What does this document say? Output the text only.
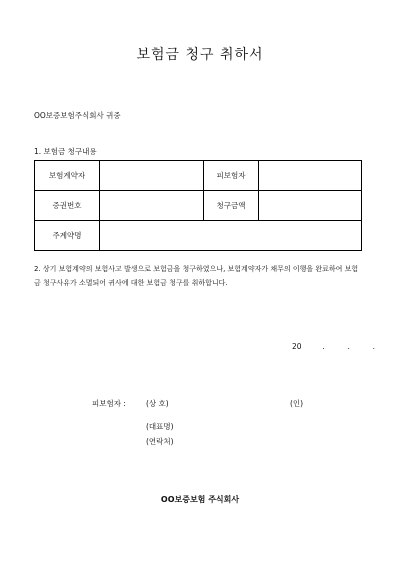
보험금 청구 취하서
OO보증보험주식회사 귀중
1. 보험금 청구내용
보험계약자		피보험자	
증권번호		청구금액	
주계약명			
2. 상기 보험계약의 보험사고 발생으로 보험금을 청구하였으나, 보험계약자가 채무의 이행을 완료하여 보험금 청구사유가 소멸되어 귀사에 대한 보험금 청구를 취하합니다.
20	.	.	.
피보험자 :	(상 호)	(인)
(대표명)
(연락처)
OO보증보험 주식회사
